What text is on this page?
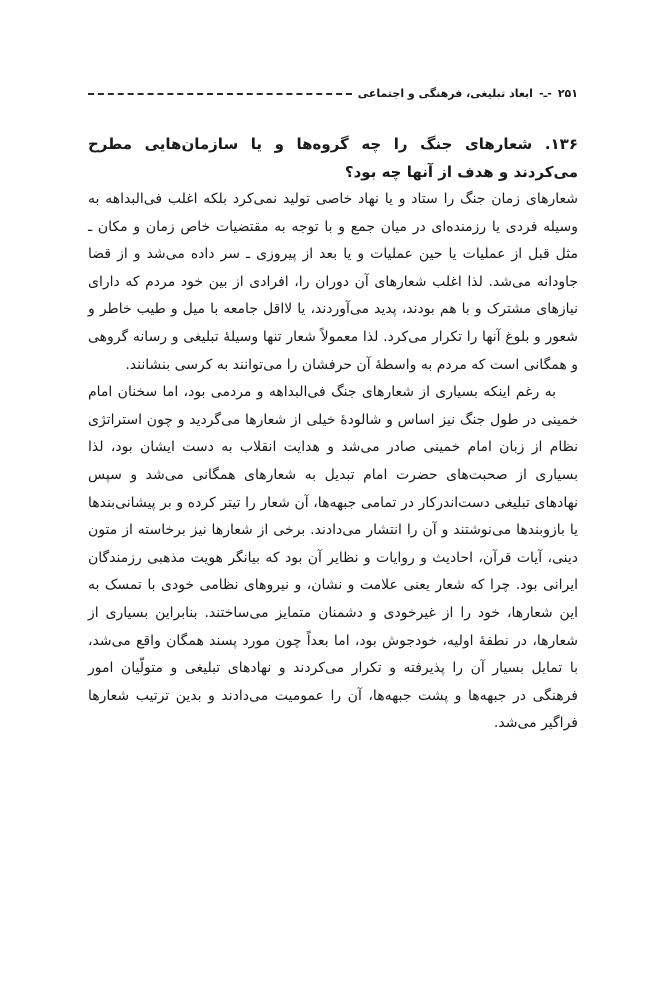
۲۵۱
-ـ-
ابعاد تبلیغی، فرهنگی و اجتماعی
۱۳۶. شعارهای جنگ را چه گروه‌ها و یا سازمان‌هایی مطرح می‌کردند و هدف از آنها چه بود؟

شعارهای زمان جنگ را ستاد و یا نهاد خاصی تولید نمی‌کرد بلکه اغلب فی‌البداهه به وسیله فردی یا رزمنده‌ای در میان جمع و با توجه به مقتضیات خاص زمان و مکان ـ مثل قبل از عملیات یا حین عملیات و یا بعد از پیروزی ـ سر داده می‌شد و از قضا جاودانه می‌شد. لذا اغلب شعارهای آن دوران را، افرادی از بین خود مردم که دارای نیازهای مشترک و با هم بودند، پدید می‌آوردند، یا لااقل جامعه با میل و طیب خاطر و شعور و بلوغ آنها را تکرار می‌کرد. لذا معمولاً شعار تنها وسیلۀ تبلیغی و رسانه گروهی و همگانی است که مردم به واسطۀ آن حرفشان را می‌توانند به کرسی بنشانند.

به رغم اینکه بسیاری از شعارهای جنگ فی‌البداهه و مردمی بود، اما سخنان امام خمینی در طول جنگ نیز اساس و شالودۀ خیلی از شعارها می‌گردید و چون استراتژی نظام از زبان امام خمینی صادر می‌شد و هدایت انقلاب به دست ایشان بود، لذا بسیاری از صحبت‌های حضرت امام تبدیل به شعارهای همگانی می‌شد و سپس نهادهای تبلیغی دست‌اندرکار در تمامی جبهه‌ها، آن شعار را تیتر کرده و بر پیشانی‌بندها یا بازوبندها می‌نوشتند و آن را انتشار می‌دادند. برخی از شعارها نیز برخاسته از متون دینی، آیات قرآن، احادیث و روایات و نظایر آن بود که بیانگر هویت مذهبی رزمندگان ایرانی بود. چرا که شعار یعنی علامت و نشان، و نیروهای نظامی خودی با تمسک به این شعارها، خود را از غیرخودی و دشمنان متمایز می‌ساختند. بنابراین بسیاری از شعارها، در نطفۀ اولیه، خودجوش بود، اما بعداً چون مورد پسند همگان واقع می‌شد، با تمایل بسیار آن را پذیرفته و تکرار می‌کردند و نهادهای تبلیغی و متولّیان امور فرهنگی در جبهه‌ها و پشت جبهه‌ها، آن را عمومیت می‌دادند و بدین ترتیب شعارها فراگیر می‌شد.
